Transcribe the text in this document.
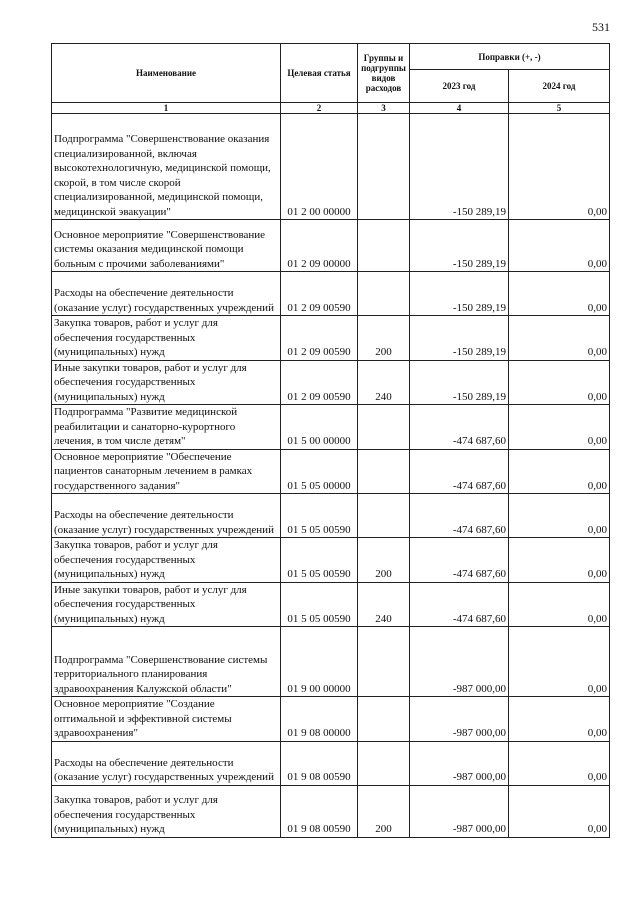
531
Наименование	Целевая статья	Группы и подгруппы видов расходов	Поправки (+, -)	
			2023 год	2024 год
1	2	3	4	5
Подпрограмма "Совершенствование оказания специализированной, включая высокотехнологичную, медицинской помощи, скорой, в том числе скорой специализированной, медицинской помощи, медицинской эвакуации"	01 2 00 00000		-150 289,19	0,00
Основное мероприятие "Совершенствование системы оказания медицинской помощи больным с прочими заболеваниями"	01 2 09 00000		-150 289,19	0,00
Расходы на обеспечение деятельности (оказание услуг) государственных учреждений	01 2 09 00590		-150 289,19	0,00
Закупка товаров, работ и услуг для обеспечения государственных (муниципальных) нужд	01 2 09 00590	200	-150 289,19	0,00
Иные закупки товаров, работ и услуг для обеспечения государственных (муниципальных) нужд	01 2 09 00590	240	-150 289,19	0,00
Подпрограмма "Развитие медицинской реабилитации и санаторно-курортного лечения, в том числе детям"	01 5 00 00000		-474 687,60	0,00
Основное мероприятие "Обеспечение пациентов санаторным лечением в рамках государственного задания"	01 5 05 00000		-474 687,60	0,00
Расходы на обеспечение деятельности (оказание услуг) государственных учреждений	01 5 05 00590		-474 687,60	0,00
Закупка товаров, работ и услуг для обеспечения государственных (муниципальных) нужд	01 5 05 00590	200	-474 687,60	0,00
Иные закупки товаров, работ и услуг для обеспечения государственных (муниципальных) нужд	01 5 05 00590	240	-474 687,60	0,00
Подпрограмма "Совершенствование системы территориального планирования здравоохранения Калужской области"	01 9 00 00000		-987 000,00	0,00
Основное мероприятие "Создание оптимальной и эффективной системы здравоохранения"	01 9 08 00000		-987 000,00	0,00
Расходы на обеспечение деятельности (оказание услуг) государственных учреждений	01 9 08 00590		-987 000,00	0,00
Закупка товаров, работ и услуг для обеспечения государственных (муниципальных) нужд	01 9 08 00590	200	-987 000,00	0,00
